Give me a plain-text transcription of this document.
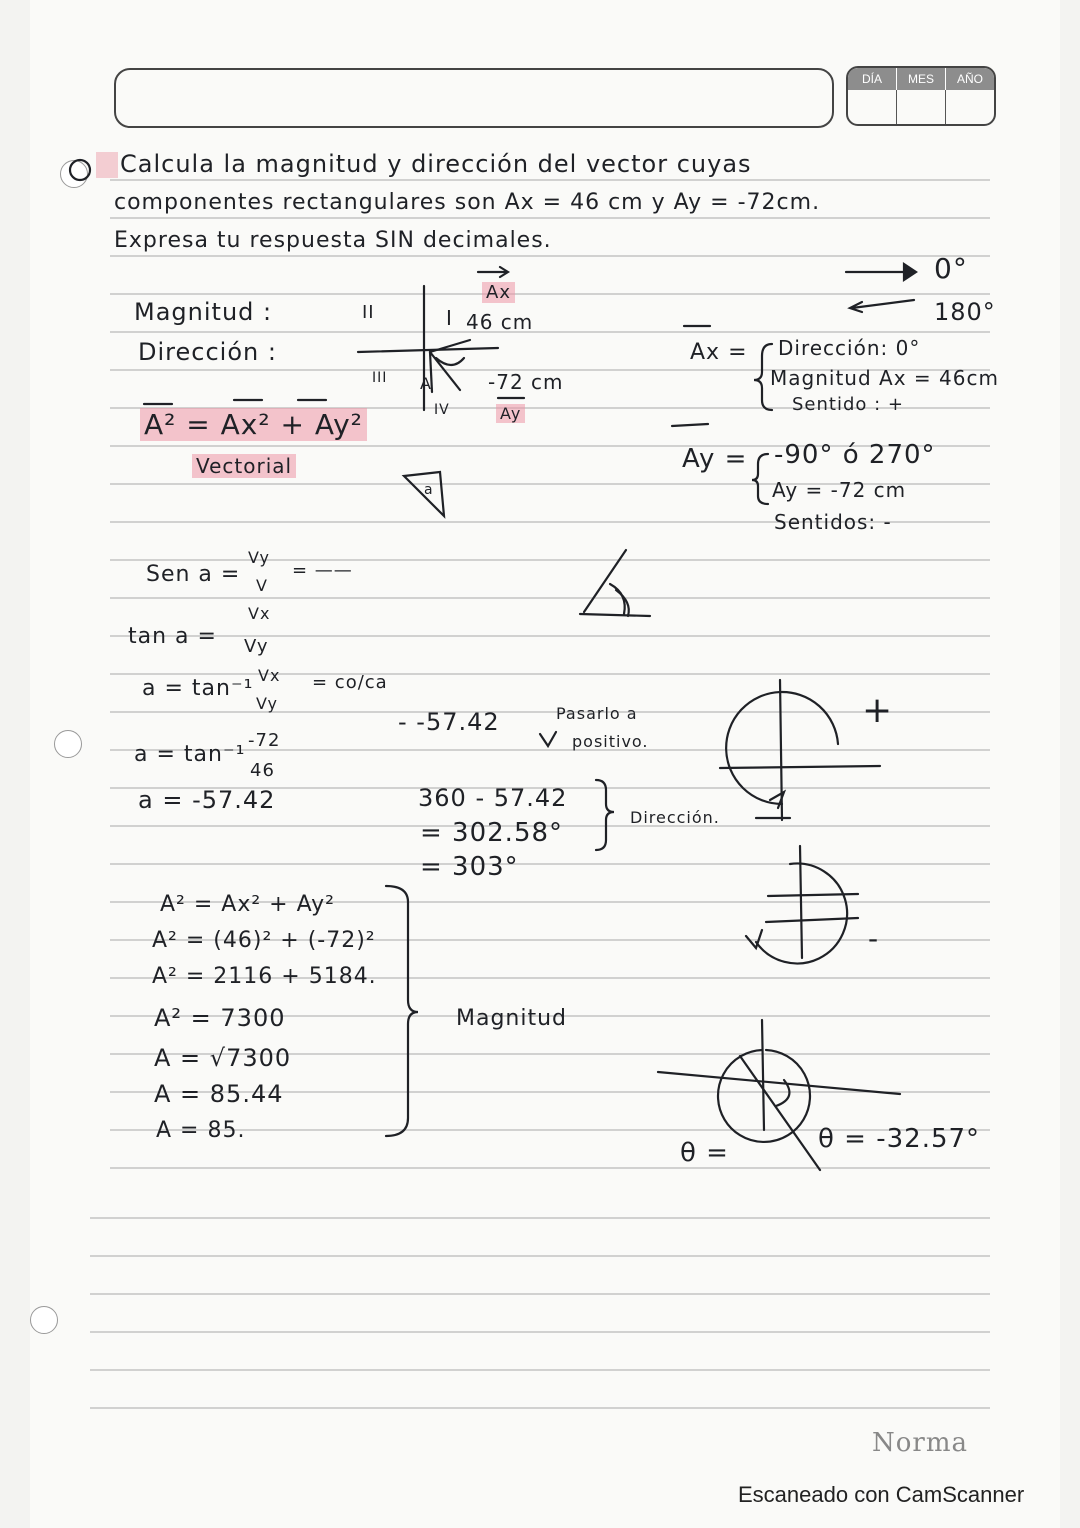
DÍA	MES	AÑO
Calcula la magnitud y dirección del vector cuyas
componentes rectangulares son Ax = 46 cm y Ay = -72cm.
Expresa tu respuesta SIN decimales.
Magnitud :
Dirección :
A² = Ax² + Ay²
Vectorial
II	I 46 cm
Ax
III A	-72 cm
IV	Ay
a
0°
180°
Ax = Dirección: 0°
Magnitud Ax = 46cm
Sentido : +
Ay = -90° ó 270°
Ay = -72 cm
Sentidos: -
Sen a =
Vy
V
= ——
tan a =
Vx
Vy
a = tan⁻¹
Vx
Vy
= co/ca
a = tan⁻¹
-72
46
a = -57.42
- -57.42	Pasarlo a
positivo.
360 - 57.42
= 302.58°
= 303°
Dirección.
A² = Ax² + Ay²
A² = (46)² + (-72)²
A² = 2116 + 5184.
A² = 7300
A = √7300
A = 85.44
A = 85.
Magnitud
+
-
θ =	θ = -32.57°
Norma
Escaneado con CamScanner
